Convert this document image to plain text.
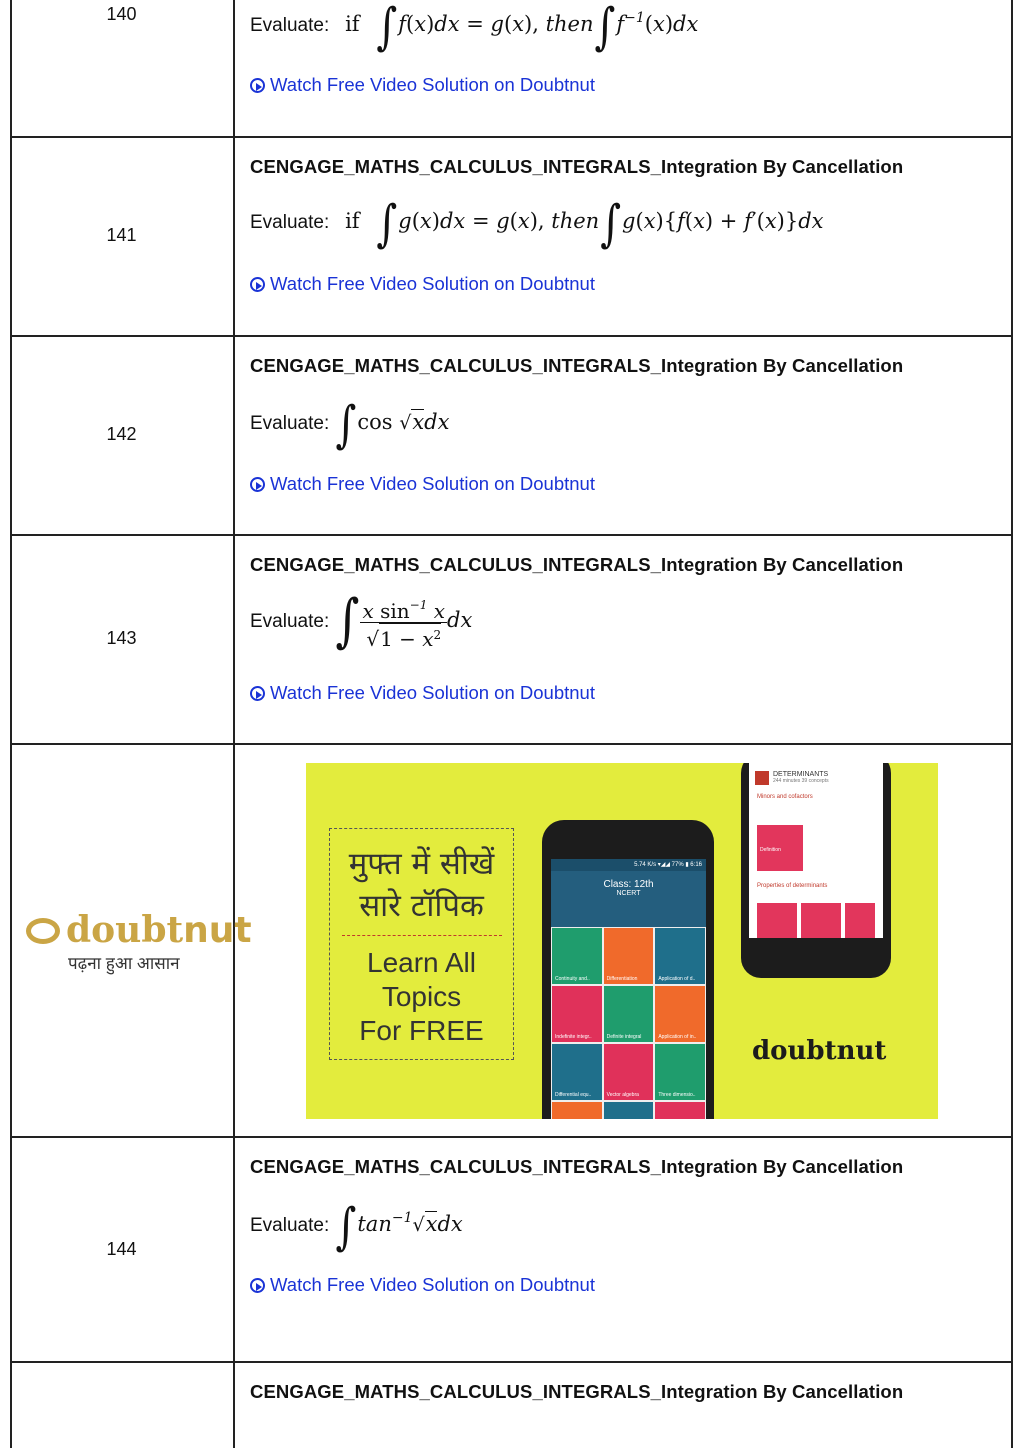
140
Evaluate: if ∫f(x)dx = g(x), $then\int f^{-1}(x)dx$
Watch Free Video Solution on Doubtnut
141
CENGAGE_MATHS_CALCULUS_INTEGRALS_Integration By Cancellation
Evaluate: if ∫g(x)dx = g(x), then∫g(x){f(x) + f′(x)}dx
Watch Free Video Solution on Doubtnut
142
CENGAGE_MATHS_CALCULUS_INTEGRALS_Integration By Cancellation
Evaluate: ∫cos √xdx
Watch Free Video Solution on Doubtnut
143
CENGAGE_MATHS_CALCULUS_INTEGRALS_Integration By Cancellation
Evaluate: ∫ $\frac{x \sin^{-1} x}{√1 - x^2}$ dx
Watch Free Video Solution on Doubtnut
doubtnut
पढ़ना हुआ आसान
मुफ्त में सीखें
सारे टॉपिक
Learn All
Topics
For FREE
5.74 K/s ▾◢◢ 77% ▮ 6:16
Class: 12th
NCERT
Continuity and..	Differentiation	Application of d..
Indefinite integr..	Definite integral	Application of in..
Differential equ..	Vector algebra	Three dimensio..
DETERMINANTS
244 minutes 39 concepts
Minors and cofactors
Definition
Properties of determinants
doubtnut
144
CENGAGE_MATHS_CALCULUS_INTEGRALS_Integration By Cancellation
Evaluate: $\int\tan^{-1}√xdx$
Watch Free Video Solution on Doubtnut
CENGAGE_MATHS_CALCULUS_INTEGRALS_Integration By Cancellation
